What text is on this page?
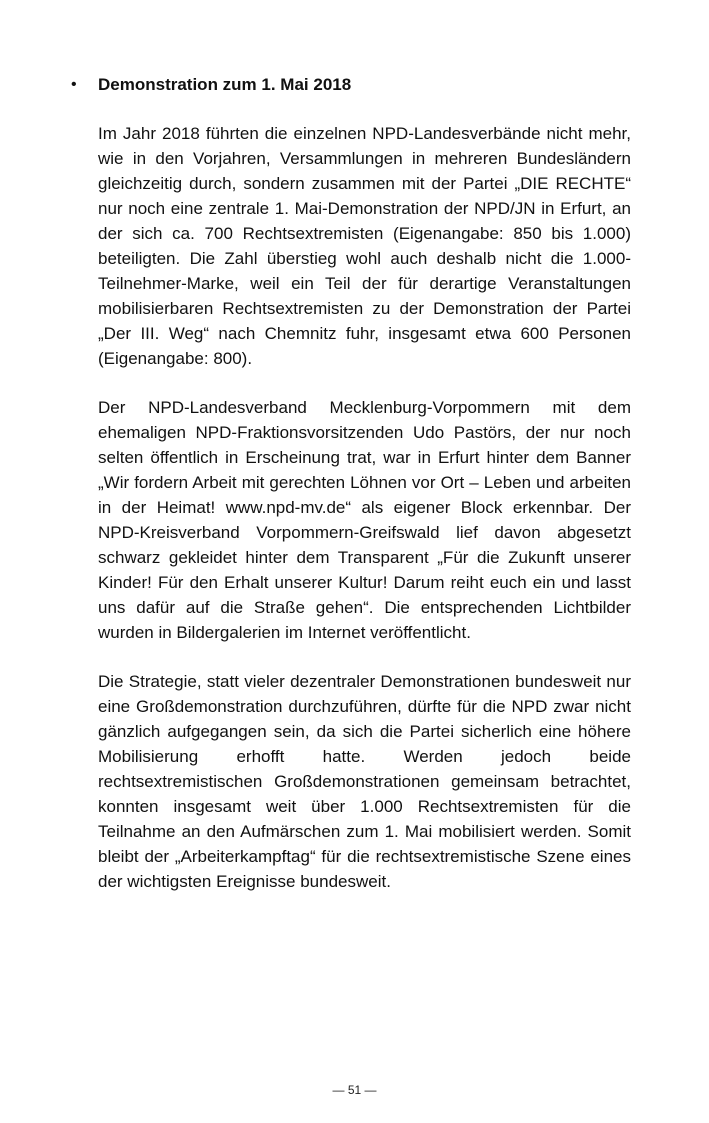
• Demonstration zum 1. Mai 2018

Im Jahr 2018 führten die einzelnen NPD-Landesverbände nicht mehr, wie in den Vorjahren, Versammlungen in mehreren Bundesländern gleichzeitig durch, sondern zusammen mit der Partei „DIE RECHTE“ nur noch eine zentrale 1. Mai-Demonstration der NPD/JN in Erfurt, an der sich ca. 700 Rechtsextremisten (Eigenangabe: 850 bis 1.000) beteiligten. Die Zahl überstieg wohl auch deshalb nicht die 1.000-Teilnehmer-Marke, weil ein Teil der für derartige Veranstaltungen mobilisierbaren Rechtsextremisten zu der Demonstration der Partei „Der III. Weg“ nach Chemnitz fuhr, insgesamt etwa 600 Personen (Eigenangabe: 800).

Der NPD-Landesverband Mecklenburg-Vorpommern mit dem ehemaligen NPD-Fraktionsvorsitzenden Udo Pastörs, der nur noch selten öffentlich in Erscheinung trat, war in Erfurt hinter dem Banner „Wir fordern Arbeit mit gerechten Löhnen vor Ort – Leben und arbeiten in der Heimat! www.npd-mv.de“ als eigener Block erkennbar. Der NPD-Kreisverband Vorpommern-Greifswald lief davon abgesetzt schwarz gekleidet hinter dem Transparent „Für die Zukunft unserer Kinder! Für den Erhalt unserer Kultur! Darum reiht euch ein und lasst uns dafür auf die Straße gehen“. Die entsprechenden Lichtbilder wurden in Bildergalerien im Internet veröffentlicht.

Die Strategie, statt vieler dezentraler Demonstrationen bundesweit nur eine Großdemonstration durchzuführen, dürfte für die NPD zwar nicht gänzlich aufgegangen sein, da sich die Partei sicherlich eine höhere Mobilisierung erhofft hatte. Werden jedoch beide rechtsextremistischen Großdemonstrationen gemeinsam betrachtet, konnten insgesamt weit über 1.000 Rechtsextremisten für die Teilnahme an den Aufmärschen zum 1. Mai mobilisiert werden. Somit bleibt der „Arbeiterkampftag“ für die rechtsextremistische Szene eines der wichtigsten Ereignisse bundesweit.

— 51 —
